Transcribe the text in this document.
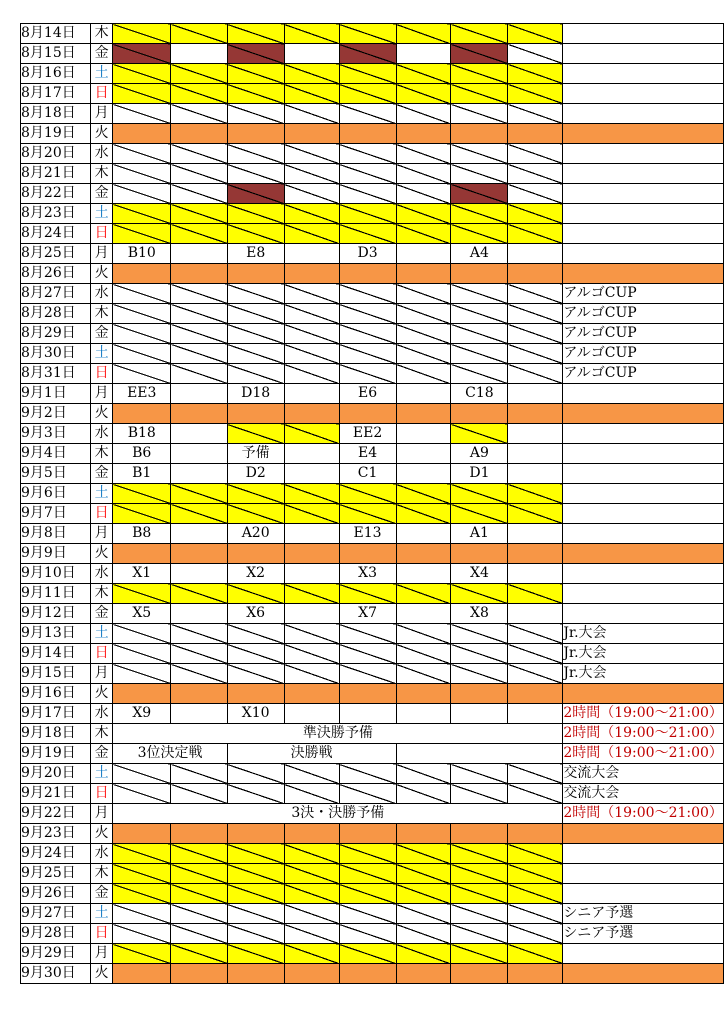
8月14日	木									
8月15日	金									
8月16日	土									
8月17日	日									
8月18日	月									
8月19日	火									
8月20日	水									
8月21日	木									
8月22日	金									
8月23日	土									
8月24日	日									
8月25日	月	B10		E8		D3		A4		
8月26日	火									
8月27日	水									アルゴCUP
8月28日	木									アルゴCUP
8月29日	金									アルゴCUP
8月30日	土									アルゴCUP
8月31日	日									アルゴCUP
9月1日	月	EE3		D18		E6		C18		
9月2日	火									
9月3日	水	B18				EE2				
9月4日	木	B6		予備		E4		A9		
9月5日	金	B1		D2		C1		D1		
9月6日	土									
9月7日	日									
9月8日	月	B8		A20		E13		A1		
9月9日	火									
9月10日	水	X1		X2		X3		X4		
9月11日	木									
9月12日	金	X5		X6		X7		X8		
9月13日	土									Jr.大会
9月14日	日									Jr.大会
9月15日	月									Jr.大会
9月16日	火									
9月17日	水	X9		X10						2時間（19:00～21:00）
9月18日	木	準決勝予備								2時間（19:00～21:00）
9月19日	金	3位決定戦		決勝戦						2時間（19:00～21:00）
9月20日	土									交流大会
9月21日	日									交流大会
9月22日	月	3決・決勝予備								2時間（19:00～21:00）
9月23日	火									
9月24日	水									
9月25日	木									
9月26日	金									
9月27日	土									シニア予選
9月28日	日									シニア予選
9月29日	月									
9月30日	火									
